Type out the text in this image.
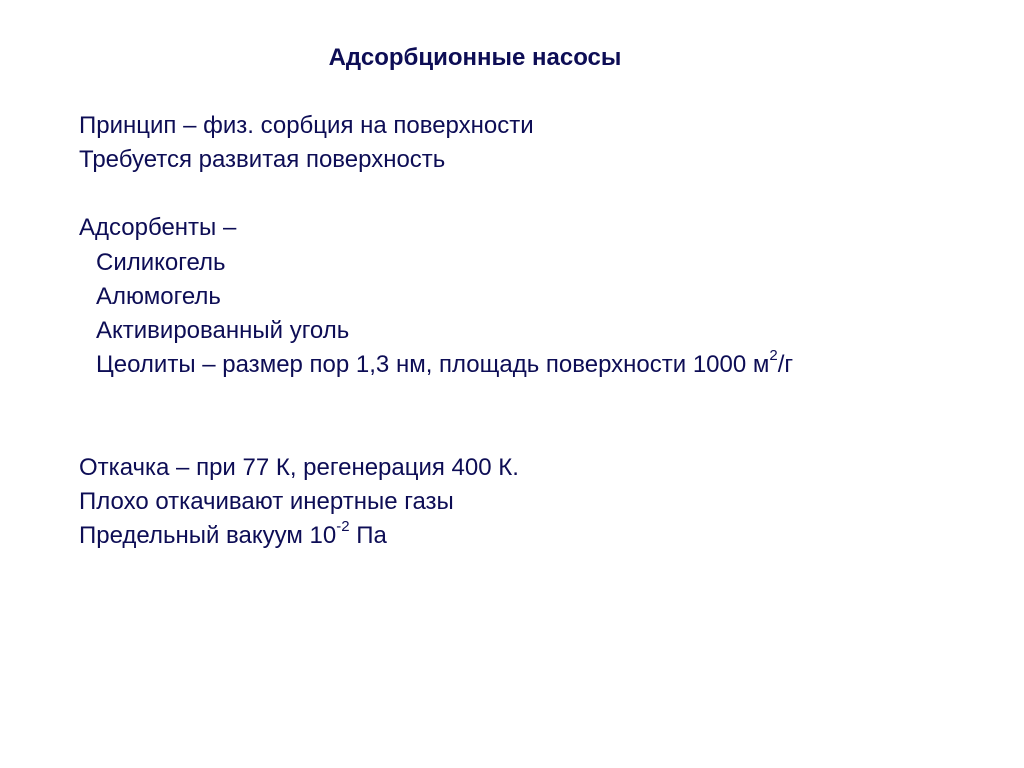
Адсорбционные насосы
Принцип – физ. сорбция на поверхности
Требуется развитая поверхность
Адсорбенты –
Силикогель
Алюмогель
Активированный уголь
Цеолиты – размер пор 1,3 нм, площадь поверхности 1000 $м^2/г$
Откачка – при 77 К, регенерация 400 К.
Плохо откачивают инертные газы
Предельный вакуум $10^{-2}$ Па
